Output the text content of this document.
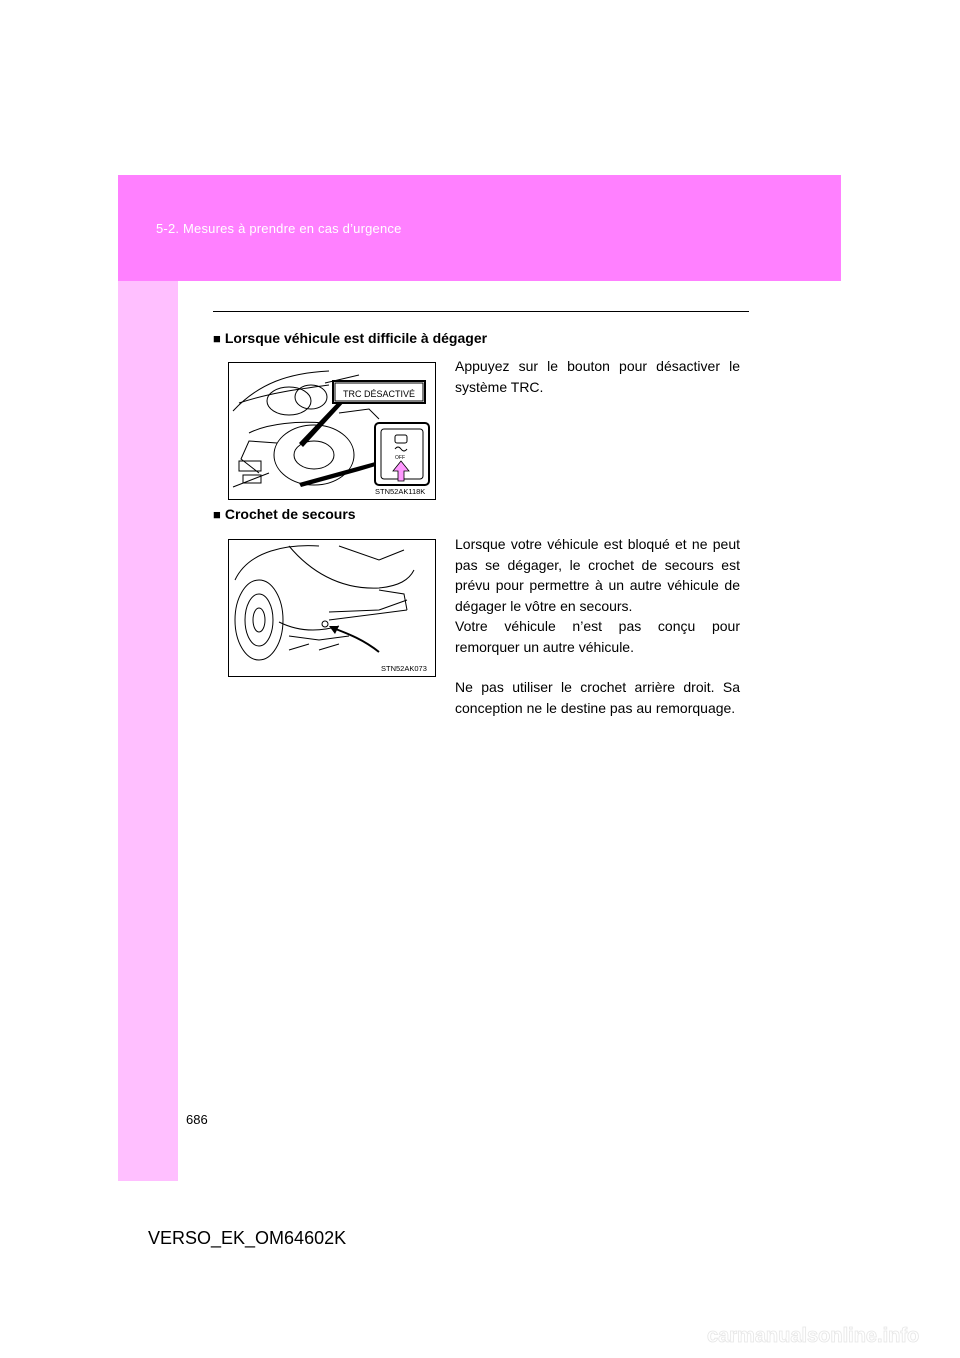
5-2. Mesures à prendre en cas d’urgence
■ Lorsque véhicule est difficile à dégager
Appuyez sur le bouton pour désactiver le système TRC.
TRC DÉSACTIVÉ
OFF
STN52AK118K
■ Crochet de secours
STN52AK073
Lorsque votre véhicule est bloqué et ne peut pas se dégager, le crochet de secours est prévu pour permettre à un autre véhicule de dégager le vôtre en secours.
Votre véhicule n’est pas conçu pour remorquer un autre véhicule.
Ne pas utiliser le crochet arrière droit. Sa conception ne le destine pas au remorquage.
686
VERSO_EK_OM64602K
carmanualsonline.info
